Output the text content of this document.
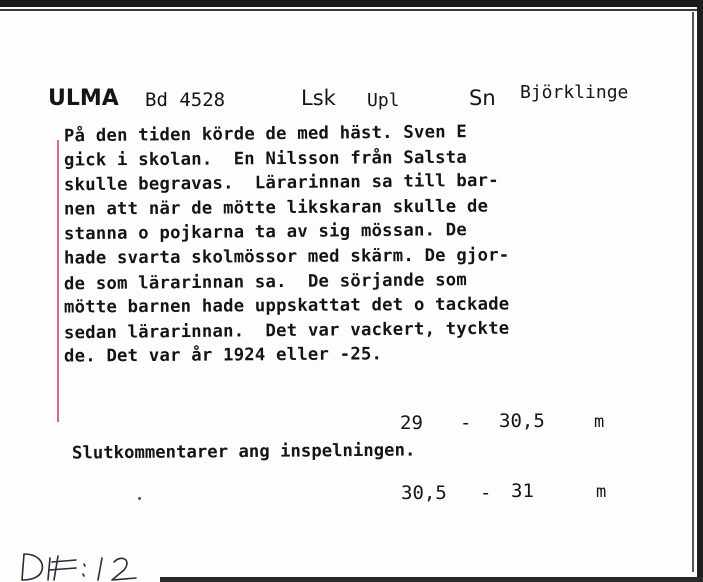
ULMA Bd 4528	Lsk Upl	Sn Björklinge
På den tiden körde de med häst. Sven E
gick i skolan.  En Nilsson från Salsta
skulle begravas.  Lärarinnan sa till bar-
nen att när de mötte likskaran skulle de
stanna o pojkarna ta av sig mössan. De
hade svarta skolmössor med skärm. De gjor-
de som lärarinnan sa.  De sörjande som
mötte barnen hade uppskattat det o tackade
sedan lärarinnan.  Det var vackert, tyckte
de. Det var år 1924 eller -25.
29 - 30,5	m
Slutkommentarer ang inspelningen.
30,5 - 31	m
